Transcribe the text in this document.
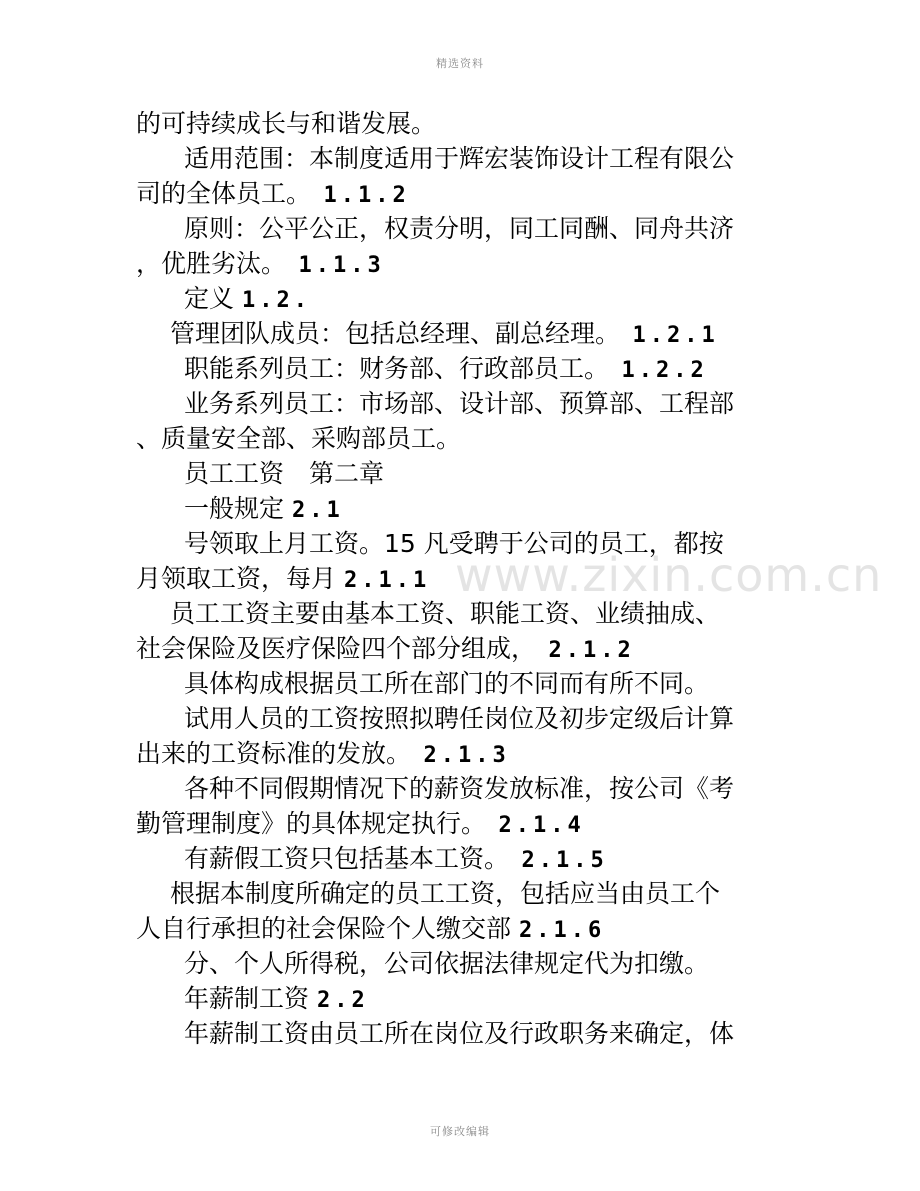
精选资料
www.zixin.com.cn
的可持续成长与和谐发展。
适用范围：本制度适用于辉宏装饰设计工程有限公
司的全体员工。　 1.1.2
原则：公平公正，权责分明，同工同酬、同舟共济
，优胜劣汰。　 1.1.3
定义 1.2.
管理团队成员：包括总经理、副总经理。　 1.2.1
职能系列员工：财务部、行政部员工。　 1.2.2
业务系列员工：市场部、设计部、预算部、工程部
、质量安全部、采购部员工。
员工工资　第二章
一般规定 2.1
号领取上月工资。15 凡受聘于公司的员工，都按
月领取工资，每月 2.1.1
员工工资主要由基本工资、职能工资、业绩抽成、
社会保险及医疗保险四个部分组成，　 2.1.2
具体构成根据员工所在部门的不同而有所不同。
试用人员的工资按照拟聘任岗位及初步定级后计算
出来的工资标准的发放。　 2.1.3
各种不同假期情况下的薪资发放标准，按公司《考
勤管理制度》的具体规定执行。　 2.1.4
有薪假工资只包括基本工资。　 2.1.5
根据本制度所确定的员工工资，包括应当由员工个
人自行承担的社会保险个人缴交部 2.1.6
分、个人所得税，公司依据法律规定代为扣缴。
年薪制工资 2.2
年薪制工资由员工所在岗位及行政职务来确定，体
可修改编辑
